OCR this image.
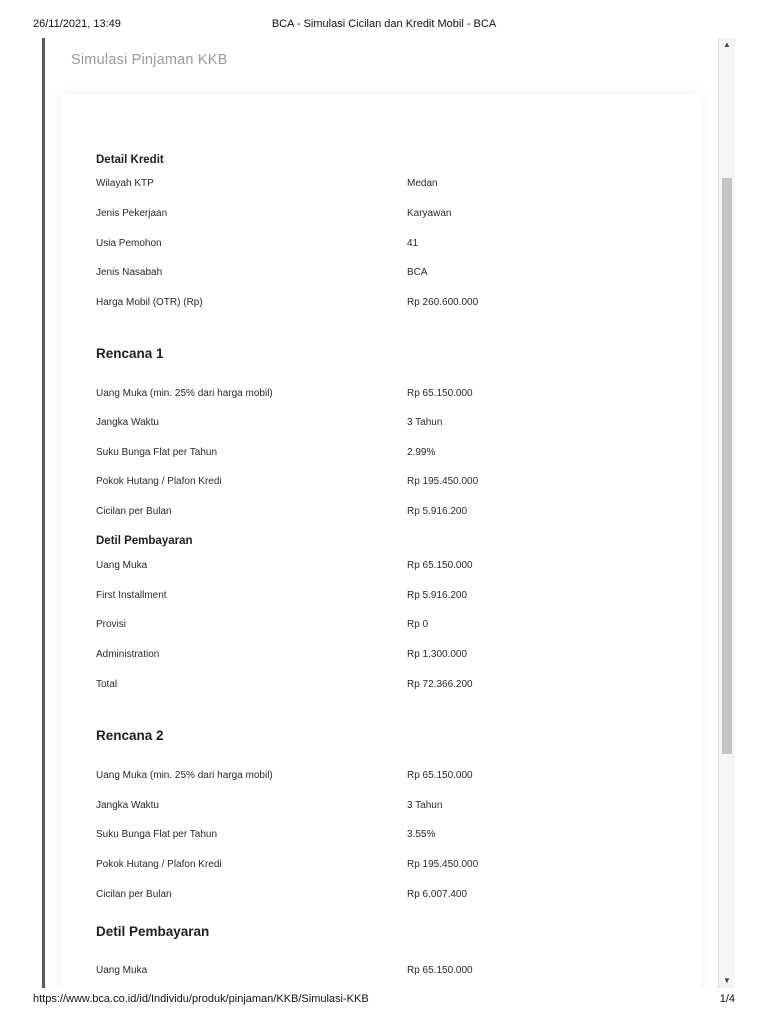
26/11/2021, 13:49	BCA - Simulasi Cicilan dan Kredit Mobil - BCA
Simulasi Pinjaman KKB
Detail Kredit
Wilayah KTP	Medan
Jenis Pekerjaan	Karyawan
Usia Pemohon	41
Jenis Nasabah	BCA
Harga Mobil (OTR) (Rp)	Rp 260.600.000
Rencana 1
Uang Muka (min. 25% dari harga mobil)	Rp 65.150.000
Jangka Waktu	3 Tahun
Suku Bunga Flat per Tahun	2.99%
Pokok Hutang / Plafon Kredi	Rp 195.450.000
Cicilan per Bulan	Rp 5.916.200
Detil Pembayaran
Uang Muka	Rp 65.150.000
First Installment	Rp 5.916.200
Provisi	Rp 0
Administration	Rp 1.300.000
Total	Rp 72.366.200
Rencana 2
Uang Muka (min. 25% dari harga mobil)	Rp 65.150.000
Jangka Waktu	3 Tahun
Suku Bunga Flat per Tahun	3.55%
Pokok Hutang / Plafon Kredi	Rp 195.450.000
Cicilan per Bulan	Rp 6.007.400
Detil Pembayaran
Uang Muka	Rp 65.150.000
▲
▼
https://www.bca.co.id/id/Individu/produk/pinjaman/KKB/Simulasi-KKB	1/4
